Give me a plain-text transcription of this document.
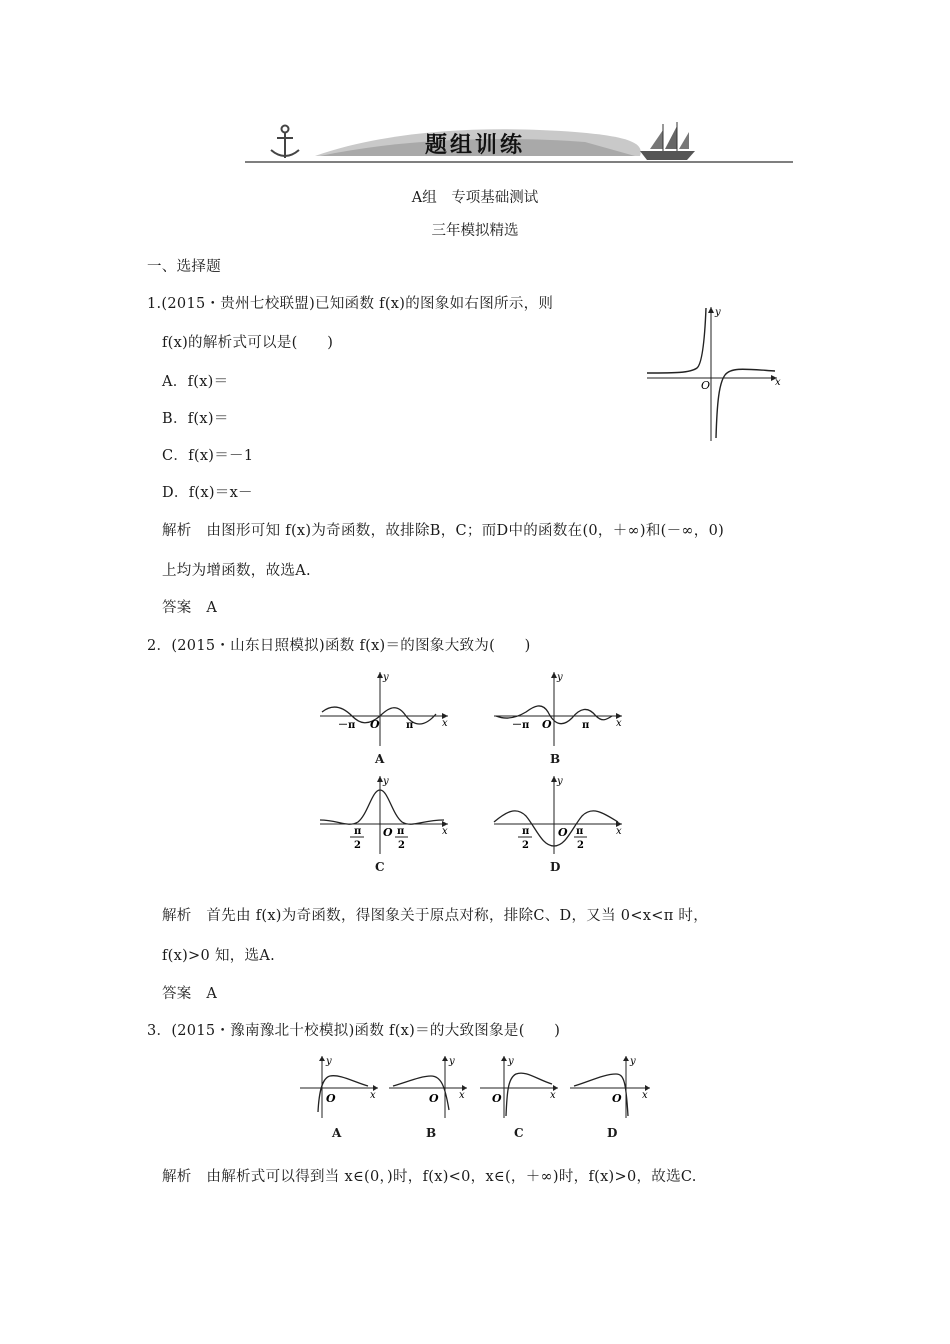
题组训练
A组　专项基础测试
三年模拟精选
一、选择题
1.(2015・贵州七校联盟)已知函数 f(x)的图象如右图所示，则
f(x)的解析式可以是(　　)
A．f(x)＝
B．f(x)＝
C．f(x)＝－1
D．f(x)＝x－
解析　由图形可知 f(x)为奇函数，故排除B，C；而D中的函数在(0，＋∞)和(－∞，0)
上均为增函数，故选A.
答案　A
O
y
x
2．(2015・山东日照模拟)函数 f(x)＝的图象大致为(　　)
－π	π
O
y
x
A
－π	π
O
y
x
B
π
2
π
2
O
y
x
C
π
2
π
2
O
y
x
D
解析　首先由 f(x)为奇函数，得图象关于原点对称，排除C、D，又当 0<x<π 时，
f(x)>0 知，选A.
答案　A
3．(2015・豫南豫北十校模拟)函数 f(x)＝的大致图象是(　　)
O
y
x
A
O
y
x
B
O
y
x
C
O
y
x
D
解析　由解析式可以得到当 x∈(0，)时，f(x)<0，x∈(，＋∞)时，f(x)>0，故选C.
